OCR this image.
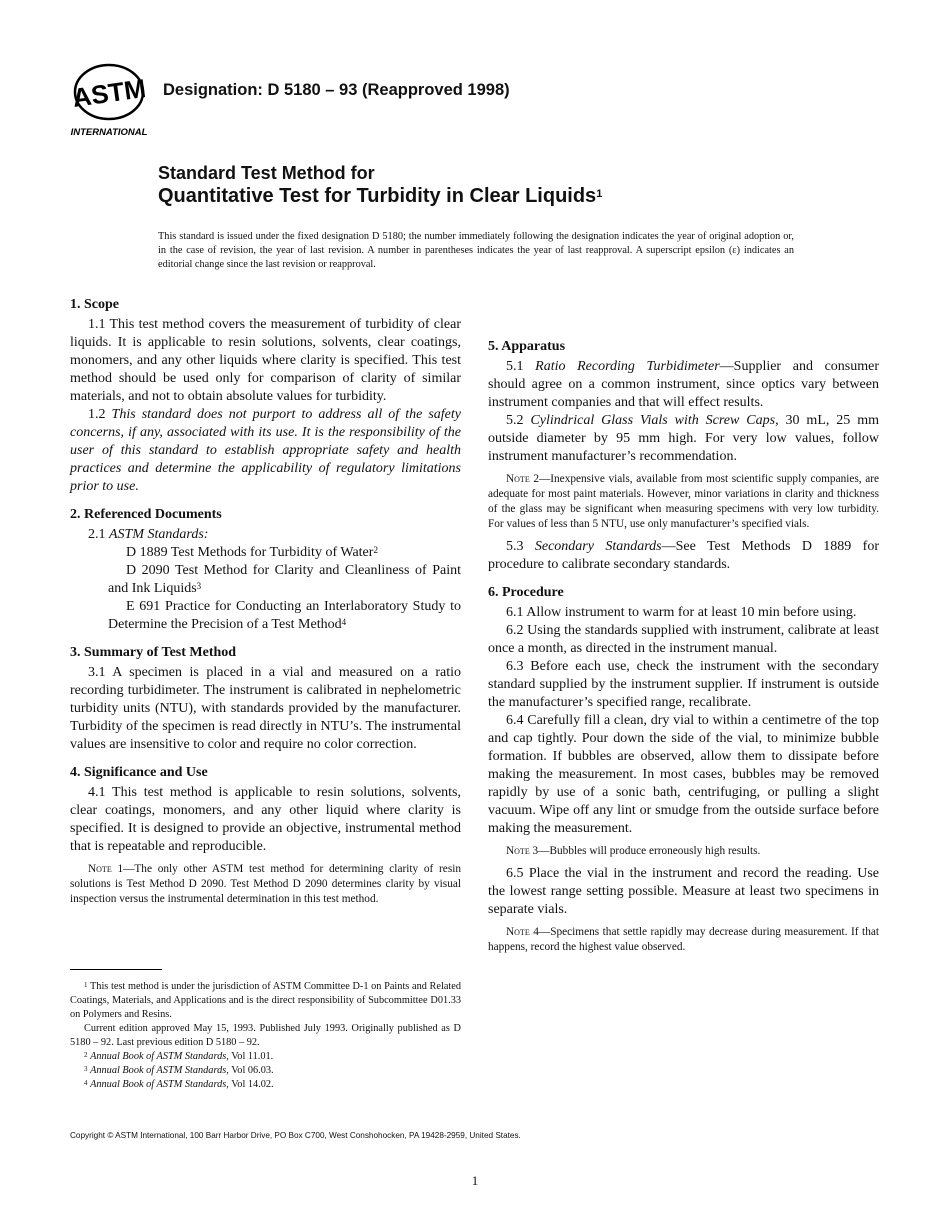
ASTM
INTERNATIONAL
Designation: D 5180 – 93 (Reapproved 1998)
Standard Test Method for
Quantitative Test for Turbidity in Clear Liquids$^1$
This standard is issued under the fixed designation D 5180; the number immediately following the designation indicates the year of original adoption or, in the case of revision, the year of last revision. A number in parentheses indicates the year of last reapproval. A superscript epsilon (ε) indicates an editorial change since the last revision or reapproval.
1. Scope

1.1 This test method covers the measurement of turbidity of clear liquids. It is applicable to resin solutions, solvents, clear coatings, monomers, and any other liquids where clarity is specified. This test method should be used only for comparison of clarity of similar materials, and not to obtain absolute values for turbidity.

1.2 This standard does not purport to address all of the safety concerns, if any, associated with its use. It is the responsibility of the user of this standard to establish appropriate safety and health practices and determine the applicability of regulatory limitations prior to use.

2. Referenced Documents

2.1 ASTM Standards:

D 1889 Test Methods for Turbidity of Water$^2$

D 2090 Test Method for Clarity and Cleanliness of Paint and Ink Liquids$^3$

E 691 Practice for Conducting an Interlaboratory Study to Determine the Precision of a Test Method$^4$

3. Summary of Test Method

3.1 A specimen is placed in a vial and measured on a ratio recording turbidimeter. The instrument is calibrated in nephelometric turbidity units (NTU), with standards provided by the manufacturer. Turbidity of the specimen is read directly in NTU’s. The instrumental values are insensitive to color and require no color correction.

4. Significance and Use

4.1 This test method is applicable to resin solutions, solvents, clear coatings, monomers, and any other liquid where clarity is specified. It is designed to provide an objective, instrumental method that is repeatable and reproducible.

Note 1—The only other ASTM test method for determining clarity of resin solutions is Test Method D 2090. Test Method D 2090 determines clarity by visual inspection versus the instrumental determination in this test method.

5. Apparatus

5.1 Ratio Recording Turbidimeter—Supplier and consumer should agree on a common instrument, since optics vary between instrument companies and that will effect results.

5.2 Cylindrical Glass Vials with Screw Caps, 30 mL, 25 mm outside diameter by 95 mm high. For very low values, follow instrument manufacturer’s recommendation.

Note 2—Inexpensive vials, available from most scientific supply companies, are adequate for most paint materials. However, minor variations in clarity and thickness of the glass may be significant when measuring specimens with very low turbidity. For values of less than 5 NTU, use only manufacturer’s specified vials.

5.3 Secondary Standards—See Test Methods D 1889 for procedure to calibrate secondary standards.

6. Procedure

6.1 Allow instrument to warm for at least 10 min before using.

6.2 Using the standards supplied with instrument, calibrate at least once a month, as directed in the instrument manual.

6.3 Before each use, check the instrument with the secondary standard supplied by the instrument supplier. If instrument is outside the manufacturer’s specified range, recalibrate.

6.4 Carefully fill a clean, dry vial to within a centimetre of the top and cap tightly. Pour down the side of the vial, to minimize bubble formation. If bubbles are observed, allow them to dissipate before making the measurement. In most cases, bubbles may be removed rapidly by use of a sonic bath, centrifuging, or pulling a slight vacuum. Wipe off any lint or smudge from the outside surface before making the measurement.

Note 3—Bubbles will produce erroneously high results.

6.5 Place the vial in the instrument and record the reading. Use the lowest range setting possible. Measure at least two specimens in separate vials.

Note 4—Specimens that settle rapidly may decrease during measurement. If that happens, record the highest value observed.

$^1$ This test method is under the jurisdiction of ASTM Committee D-1 on Paints and Related Coatings, Materials, and Applications and is the direct responsibility of Subcommittee D01.33 on Polymers and Resins.

Current edition approved May 15, 1993. Published July 1993. Originally published as D 5180 – 92. Last previous edition D 5180 – 92.

$^2$ Annual Book of ASTM Standards, Vol 11.01.

$^3$ Annual Book of ASTM Standards, Vol 06.03.

$^4$ Annual Book of ASTM Standards, Vol 14.02.

Copyright © ASTM International, 100 Barr Harbor Drive, PO Box C700, West Conshohocken, PA 19428-2959, United States.
1
